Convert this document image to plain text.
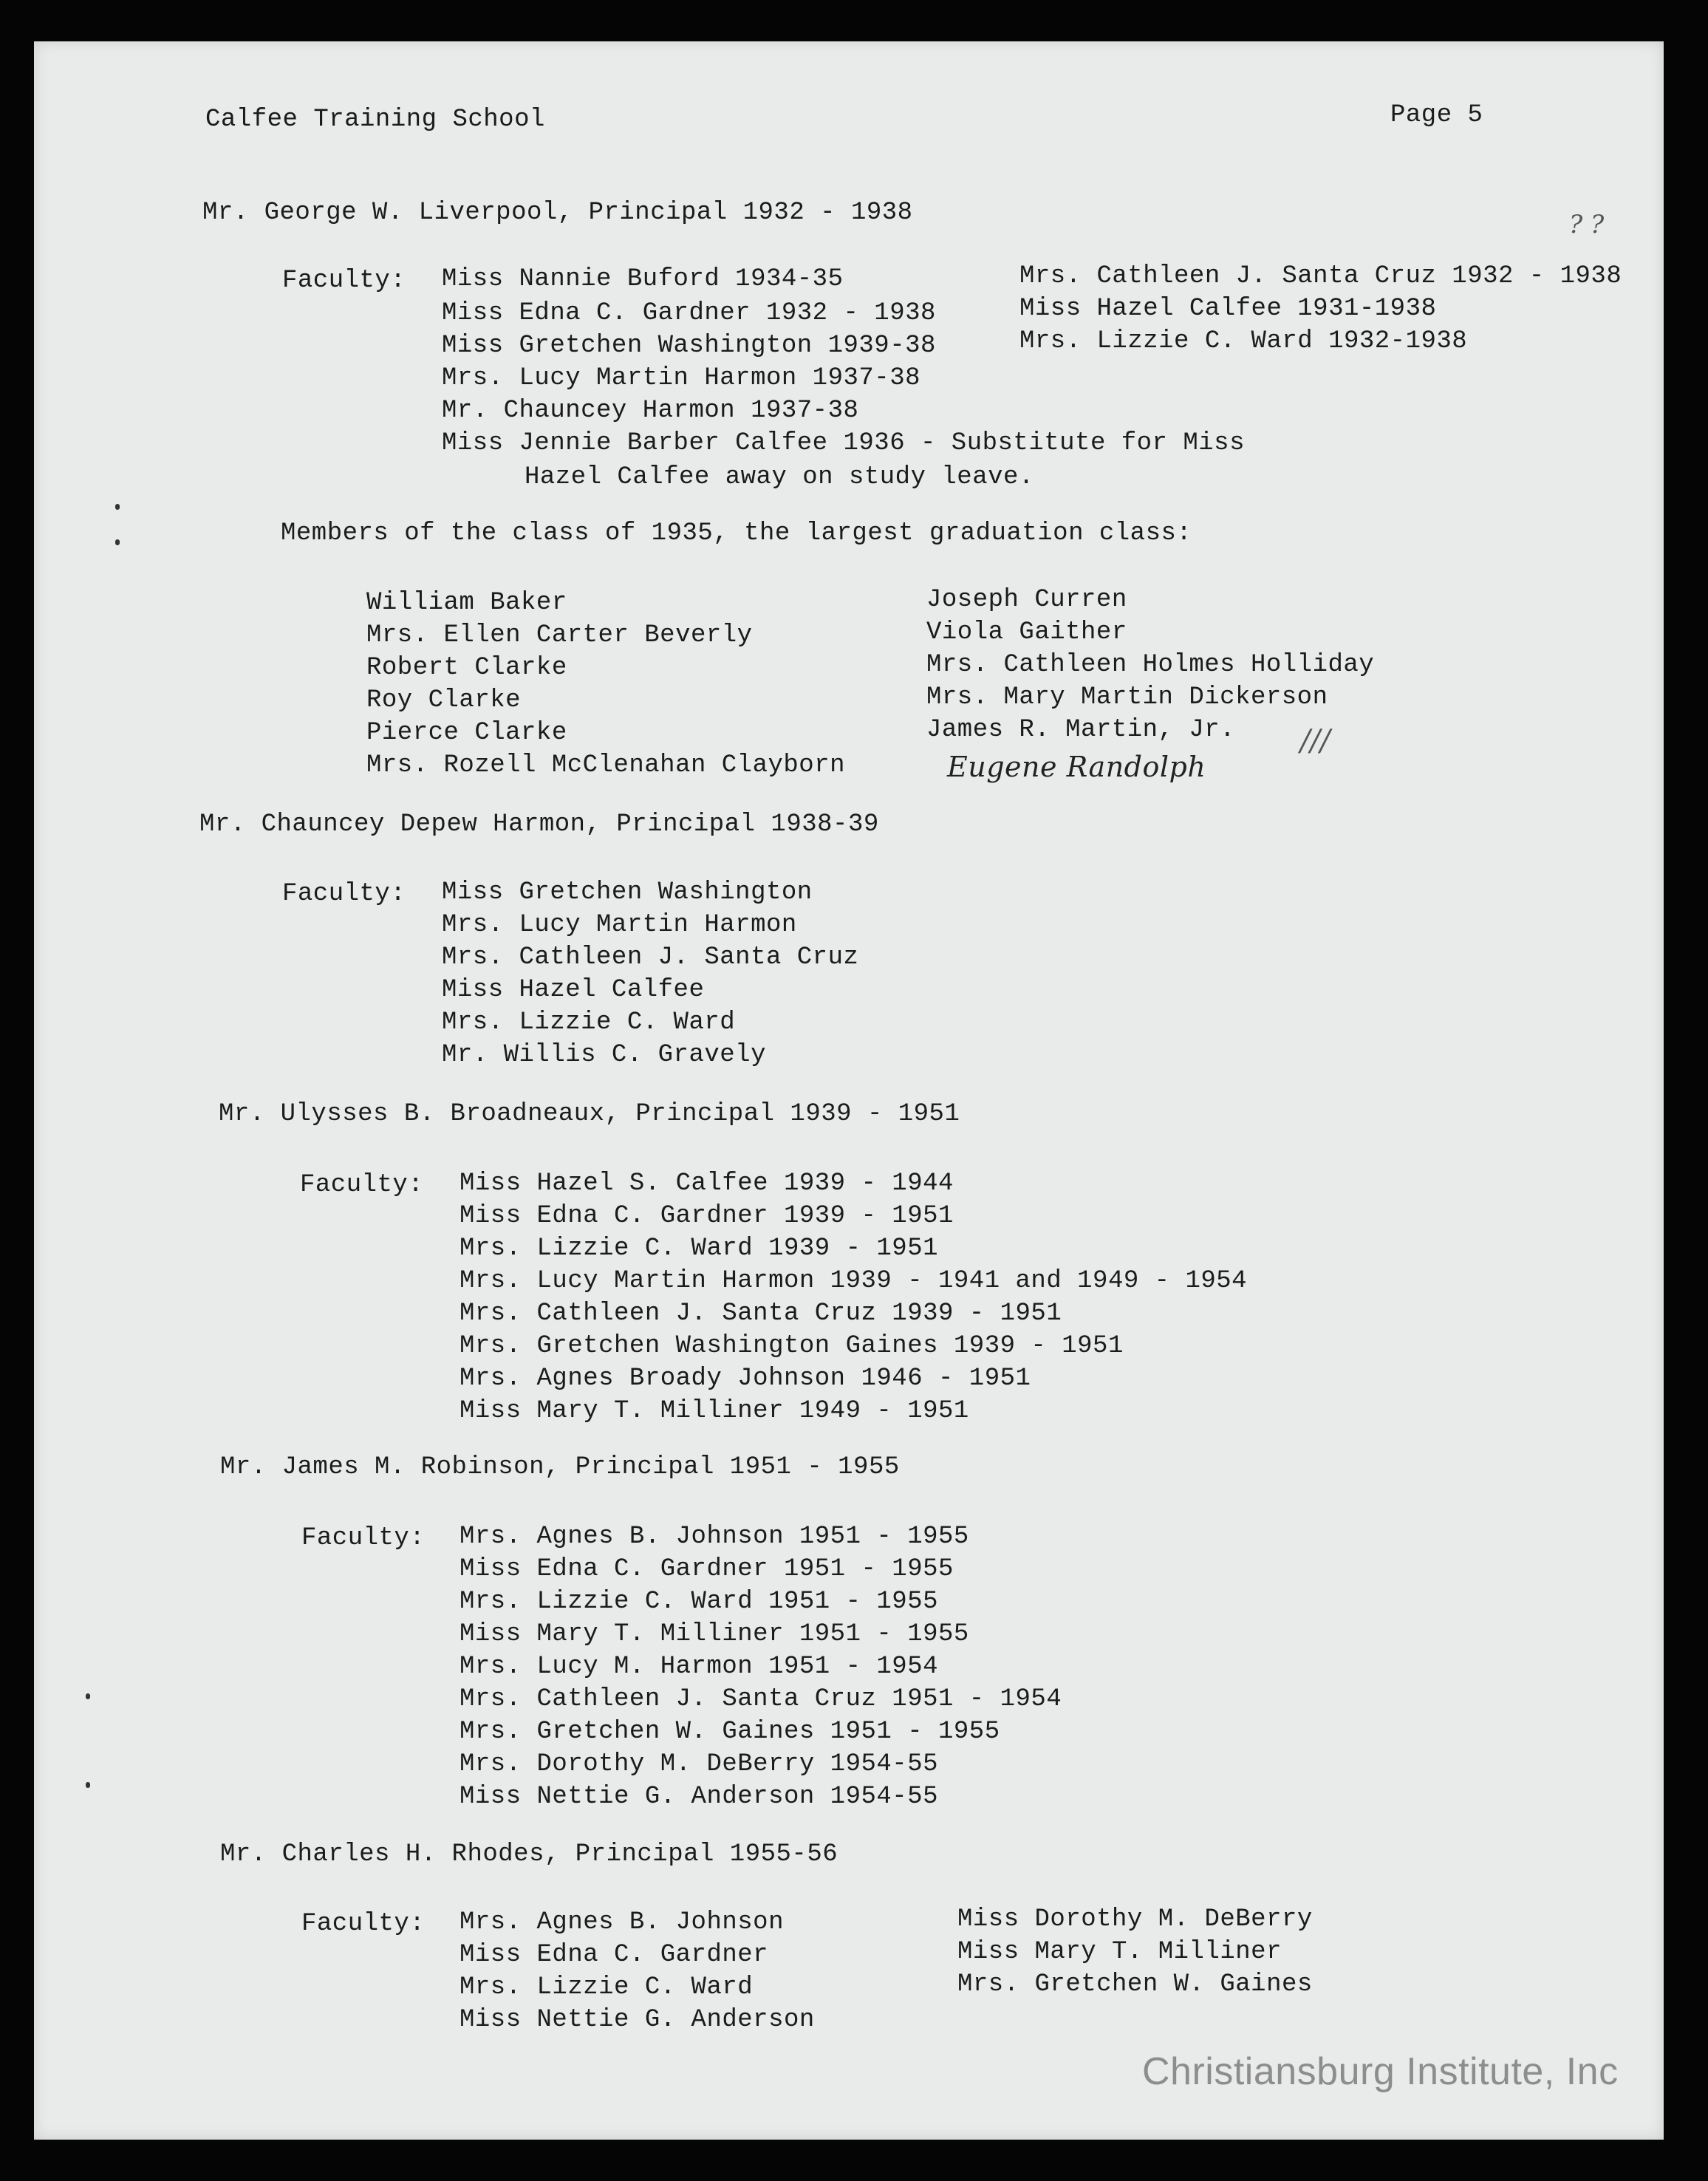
Calfee Training School	Page 5
Mr. George W. Liverpool, Principal 1932 - 1938
Faculty: Miss Nannie Buford 1934-35
Miss Edna C. Gardner 1932 - 1938
Miss Gretchen Washington 1939-38
Mrs. Lucy Martin Harmon 1937-38
Mr. Chauncey Harmon 1937-38
Miss Jennie Barber Calfee 1936 - Substitute for Miss
Hazel Calfee away on study leave.
Mrs. Cathleen J. Santa Cruz 1932 - 1938
Miss Hazel Calfee 1931-1938
Mrs. Lizzie C. Ward 1932-1938
? ?
Members of the class of 1935, the largest graduation class:
William Baker
Mrs. Ellen Carter Beverly
Robert Clarke
Roy Clarke
Pierce Clarke
Mrs. Rozell McClenahan Clayborn
Joseph Curren
Viola Gaither
Mrs. Cathleen Holmes Holliday
Mrs. Mary Martin Dickerson
James R. Martin, Jr.
Eugene Randolph
///
Mr. Chauncey Depew Harmon, Principal 1938-39
Faculty: Miss Gretchen Washington
Mrs. Lucy Martin Harmon
Mrs. Cathleen J. Santa Cruz
Miss Hazel Calfee
Mrs. Lizzie C. Ward
Mr. Willis C. Gravely
Mr. Ulysses B. Broadneaux, Principal 1939 - 1951
Faculty: Miss Hazel S. Calfee 1939 - 1944
Miss Edna C. Gardner 1939 - 1951
Mrs. Lizzie C. Ward 1939 - 1951
Mrs. Lucy Martin Harmon 1939 - 1941 and 1949 - 1954
Mrs. Cathleen J. Santa Cruz 1939 - 1951
Mrs. Gretchen Washington Gaines 1939 - 1951
Mrs. Agnes Broady Johnson 1946 - 1951
Miss Mary T. Milliner 1949 - 1951
Mr. James M. Robinson, Principal 1951 - 1955
Faculty: Mrs. Agnes B. Johnson 1951 - 1955
Miss Edna C. Gardner 1951 - 1955
Mrs. Lizzie C. Ward 1951 - 1955
Miss Mary T. Milliner 1951 - 1955
Mrs. Lucy M. Harmon 1951 - 1954
Mrs. Cathleen J. Santa Cruz 1951 - 1954
Mrs. Gretchen W. Gaines 1951 - 1955
Mrs. Dorothy M. DeBerry 1954-55
Miss Nettie G. Anderson 1954-55
Mr. Charles H. Rhodes, Principal 1955-56
Faculty: Mrs. Agnes B. Johnson
Miss Edna C. Gardner
Mrs. Lizzie C. Ward
Miss Nettie G. Anderson
Miss Dorothy M. DeBerry
Miss Mary T. Milliner
Mrs. Gretchen W. Gaines
Christiansburg Institute, Inc
